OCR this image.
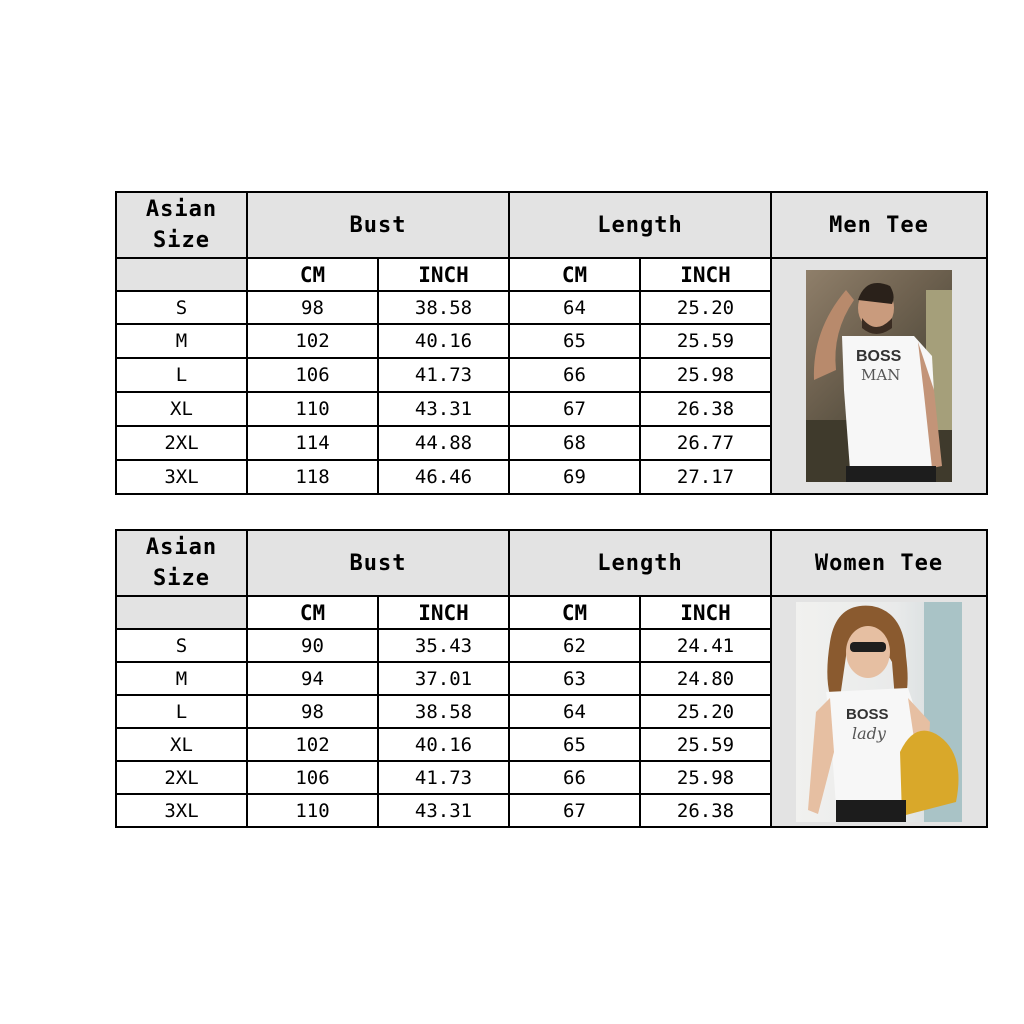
Asian
Size	Bust		Length		Men Tee
	CM	INCH	CM	INCH	BOSS
MAN

S	98	38.58	64	25.20	
M	102	40.16	65	25.59	
L	106	41.73	66	25.98	
XL	110	43.31	67	26.38	
2XL	114	44.88	68	26.77	
3XL	118	46.46	69	27.17	
Asian
Size	Bust		Length		Women Tee
	CM	INCH	CM	INCH	BOSS
lady

S	90	35.43	62	24.41	
M	94	37.01	63	24.80	
L	98	38.58	64	25.20	
XL	102	40.16	65	25.59	
2XL	106	41.73	66	25.98	
3XL	110	43.31	67	26.38	
